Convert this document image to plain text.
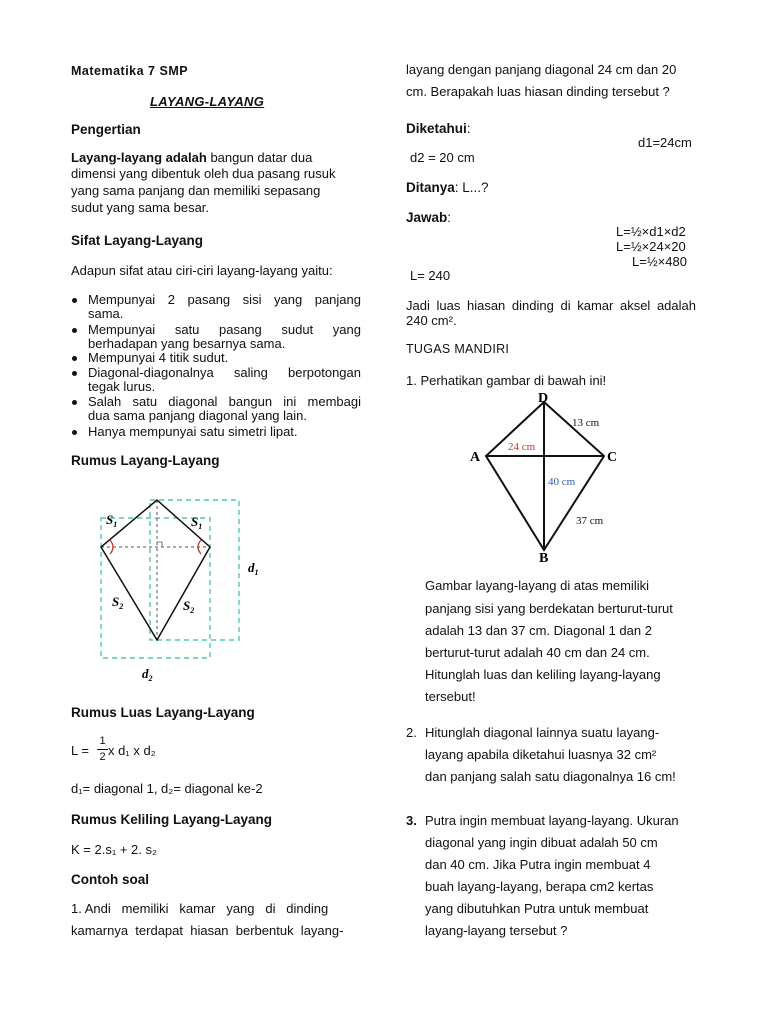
Matematika 7 SMP
LAYANG-LAYANG
Pengertian
Layang-layang adalah bangun datar dua
dimensi yang dibentuk oleh dua pasang rusuk
yang sama panjang dan memiliki sepasang
sudut yang sama besar.
Sifat Layang-Layang
Adapun sifat atau ciri-ciri layang-layang yaitu:
Mempunyai 2 pasang sisi yang panjang
sama.
Mempunyai satu pasang sudut yang
berhadapan yang besarnya sama.
Mempunyai 4 titik sudut.
Diagonal-diagonalnya saling berpotongan
tegak lurus.
Salah satu diagonal bangun ini membagi
dua sama panjang diagonal yang lain.
Hanya mempunyai satu simetri lipat.
Rumus Layang-Layang
$S_1$	$S_1$
$S_2$	$S_2$
$d_1$
$d_2$
Rumus Luas Layang-Layang
L =
1
2 x d₁ x d₂
d₁= diagonal 1, d₂= diagonal ke-2
Rumus Keliling Layang-Layang
K = 2.s₁ + 2. s₂
Contoh soal
1. Andi   memiliki   kamar   yang   di   dinding
kamarnya  terdapat  hiasan  berbentuk  layang-
layang dengan panjang diagonal 24 cm dan 20
cm. Berapakah luas hiasan dinding tersebut ?
Diketahui:
d1=24cm
d2 = 20 cm
Ditanya: L...?
Jawab:
L=½×d1×d2
L=½×24×20
L=½×480
L= 240
Jadi luas hiasan dinding di kamar aksel adalah
240 cm².
TUGAS MANDIRI
1. Perhatikan gambar di bawah ini!
D
A	C
B
24 cm
13 cm
40 cm
37 cm
Gambar layang-layang di atas memiliki
panjang sisi yang berdekatan berturut-turut
adalah 13 dan 37 cm. Diagonal 1 dan 2
berturut-turut adalah 40 cm dan 24 cm.
Hitunglah luas dan keliling layang-layang
tersebut!
2. Hitunglah diagonal lainnya suatu layang-
layang apabila diketahui luasnya 32 cm²
dan panjang salah satu diagonalnya 16 cm!
3. Putra ingin membuat layang-layang. Ukuran
diagonal yang ingin dibuat adalah 50 cm
dan 40 cm. Jika Putra ingin membuat 4
buah layang-layang, berapa cm2 kertas
yang dibutuhkan Putra untuk membuat
layang-layang tersebut ?
